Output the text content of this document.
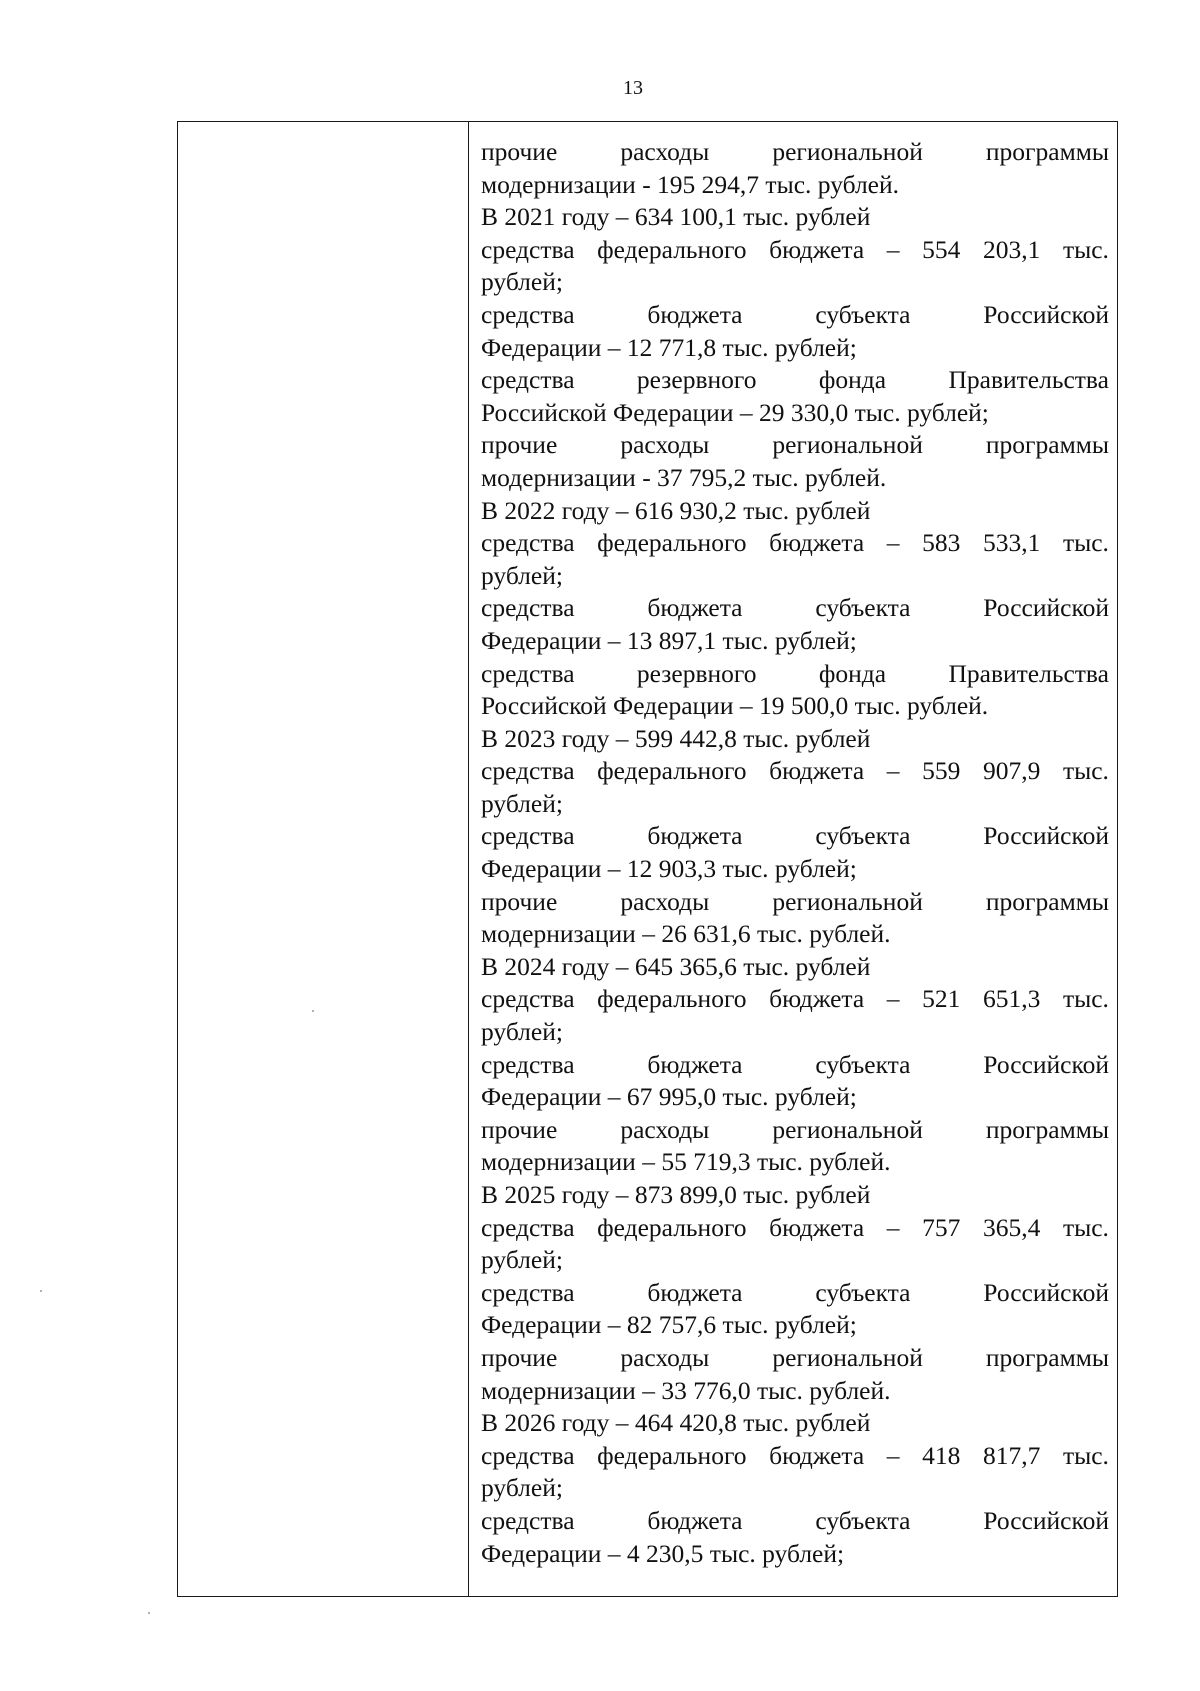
13
прочие расходы региональной программы
модернизации - 195 294,7 тыс. рублей.
В 2021 году – 634 100,1 тыс. рублей
средства федерального бюджета – 554 203,1 тыс.
рублей;
средства	бюджета	субъекта	Российской
Федерации – 12 771,8 тыс. рублей;
средства резервного фонда Правительства
Российской Федерации – 29 330,0 тыс. рублей;
прочие расходы региональной программы
модернизации - 37 795,2 тыс. рублей.
В 2022 году – 616 930,2 тыс. рублей
средства федерального бюджета – 583 533,1 тыс.
рублей;
средства	бюджета	субъекта	Российской
Федерации – 13 897,1 тыс. рублей;
средства резервного фонда Правительства
Российской Федерации – 19 500,0 тыс. рублей.
В 2023 году – 599 442,8 тыс. рублей
средства федерального бюджета – 559 907,9 тыс.
рублей;
средства	бюджета	субъекта	Российской
Федерации – 12 903,3 тыс. рублей;
прочие расходы региональной программы
модернизации – 26 631,6 тыс. рублей.
В 2024 году – 645 365,6 тыс. рублей
средства федерального бюджета – 521 651,3 тыс.
рублей;
средства	бюджета	субъекта	Российской
Федерации – 67 995,0 тыс. рублей;
прочие расходы региональной программы
модернизации – 55 719,3 тыс. рублей.
В 2025 году – 873 899,0 тыс. рублей
средства федерального бюджета – 757 365,4 тыс.
рублей;
средства	бюджета	субъекта	Российской
Федерации – 82 757,6 тыс. рублей;
прочие расходы региональной программы
модернизации – 33 776,0 тыс. рублей.
В 2026 году – 464 420,8 тыс. рублей
средства федерального бюджета – 418 817,7 тыс.
рублей;
средства	бюджета	субъекта	Российской
Федерации – 4 230,5 тыс. рублей;
